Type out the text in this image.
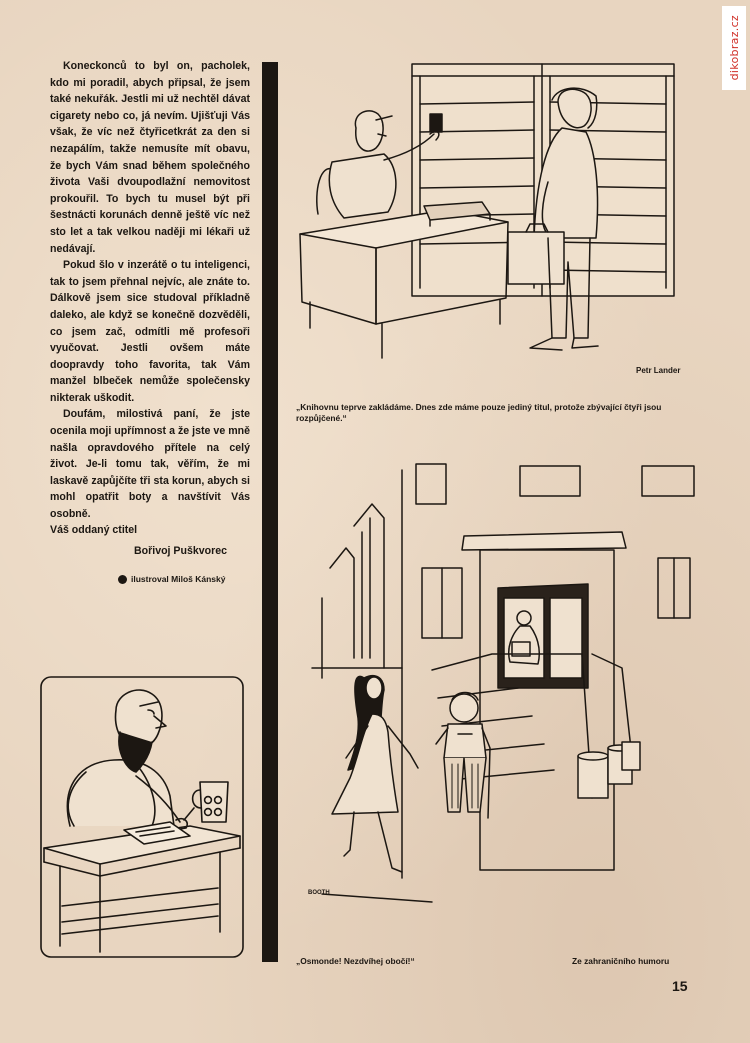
dikobraz.cz

Koneckonců to byl on, pacholek, kdo mi poradil, abych připsal, že jsem také nekuřák. Jestli mi už nechtěl dávat cigarety nebo co, já nevím. Ujišťuji Vás však, že víc než čtyřicetkrát za den si nezapálím, takže nemusíte mít obavu, že bych Vám snad během společného života Vaši dvoupodlažní nemovitost prokouřil. To bych tu musel být při šestnácti korunách denně ještě víc než sto let a tak velkou naději mi lékaři už nedávají.

Pokud šlo v inzerátě o tu inteligenci, tak to jsem přehnal nejvíc, ale znáte to. Dálkově jsem sice studoval příkladně daleko, ale když se konečně dozvěděli, co jsem zač, odmítli mě profesoři vyučovat. Jestli ovšem máte doopravdy toho favorita, tak Vám manžel blbeček nemůže společensky nikterak uškodit.

Doufám, milostivá paní, že jste ocenila moji upřímnost a že jste ve mně našla opravdového přítele na celý život. Je-li tomu tak, věřím, že mi laskavě zapůjčíte tři sta korun, abych si mohl opatřit boty a navštívit Vás osobně.

Váš oddaný ctitel
Bořivoj Puškvorec
ilustroval Miloš Kánský
Petr Lander
„Knihovnu teprve zakládáme. Dnes zde máme pouze jediný titul, protože zbývající čtyři jsou rozpůjčené.“
BOOTH
„Osmonde! Nezdvíhej obočí!“	Ze zahraničního humoru
15
